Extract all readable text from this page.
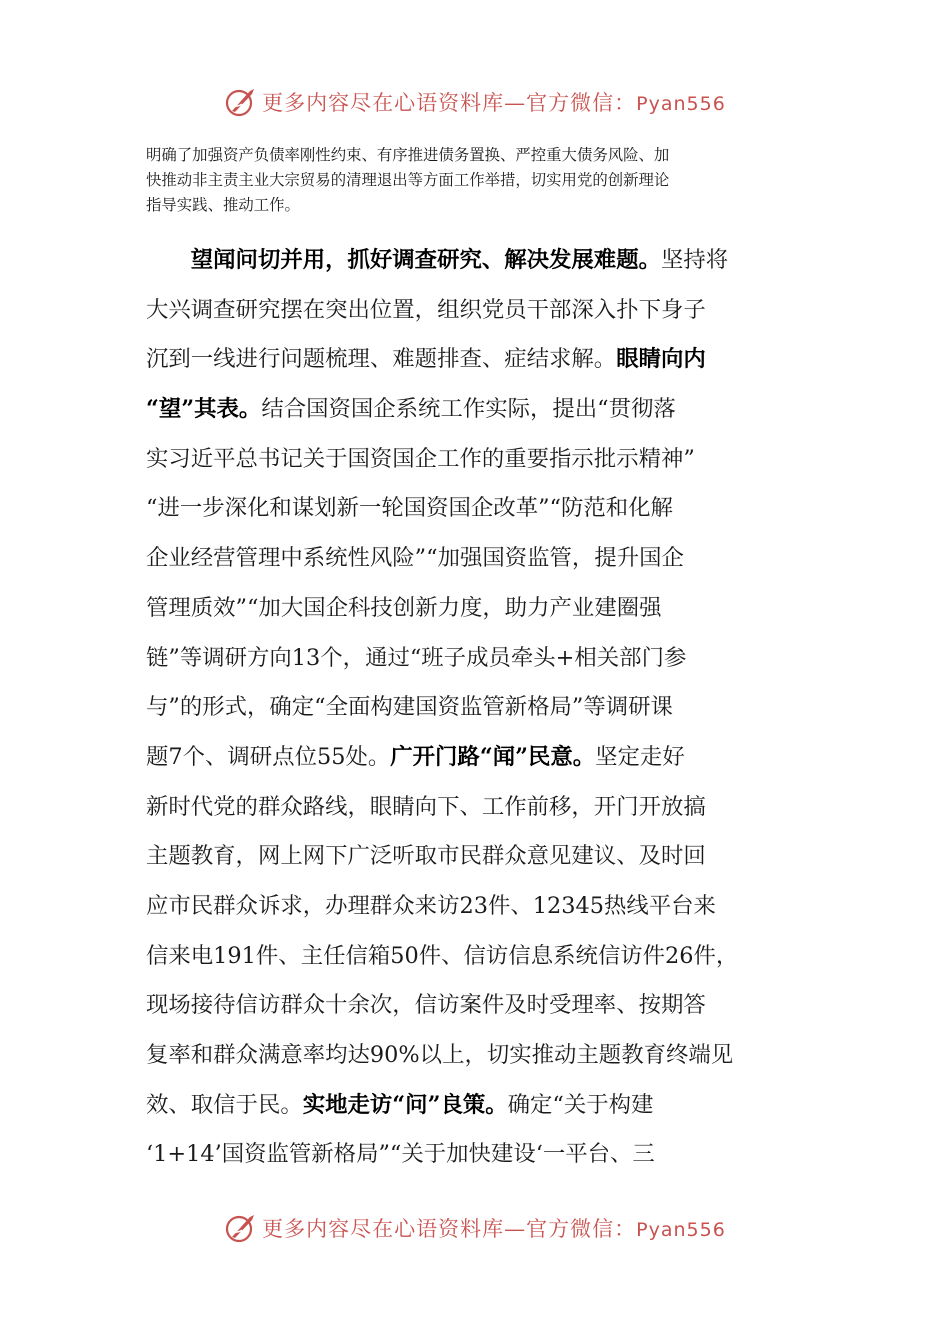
更多内容尽在心语资料库—官方微信：Pyan556
明确了加强资产负债率刚性约束、有序推进债务置换、严控重大债务风险、加
快推动非主责主业大宗贸易的清理退出等方面工作举措，切实用党的创新理论
指导实践、推动工作。
　　望闻问切并用，抓好调查研究、解决发展难题。坚持将
大兴调查研究摆在突出位置，组织党员干部深入扑下身子
沉到一线进行问题梳理、难题排查、症结求解。眼睛向内
“望”其表。结合国资国企系统工作实际，提出“贯彻落
实习近平总书记关于国资国企工作的重要指示批示精神”
“进一步深化和谋划新一轮国资国企改革”“防范和化解
企业经营管理中系统性风险”“加强国资监管，提升国企
管理质效”“加大国企科技创新力度，助力产业建圈强
链”等调研方向13个，通过“班子成员牵头+相关部门参
与”的形式，确定“全面构建国资监管新格局”等调研课
题7个、调研点位55处。广开门路“闻”民意。坚定走好
新时代党的群众路线，眼睛向下、工作前移，开门开放搞
主题教育，网上网下广泛听取市民群众意见建议、及时回
应市民群众诉求，办理群众来访23件、12345热线平台来
信来电191件、主任信箱50件、信访信息系统信访件26件，
现场接待信访群众十余次，信访案件及时受理率、按期答
复率和群众满意率均达90%以上，切实推动主题教育终端见
效、取信于民。实地走访“问”良策。确定“关于构建
‘1+14’国资监管新格局”“关于加快建设‘一平台、三
更多内容尽在心语资料库—官方微信：Pyan556
